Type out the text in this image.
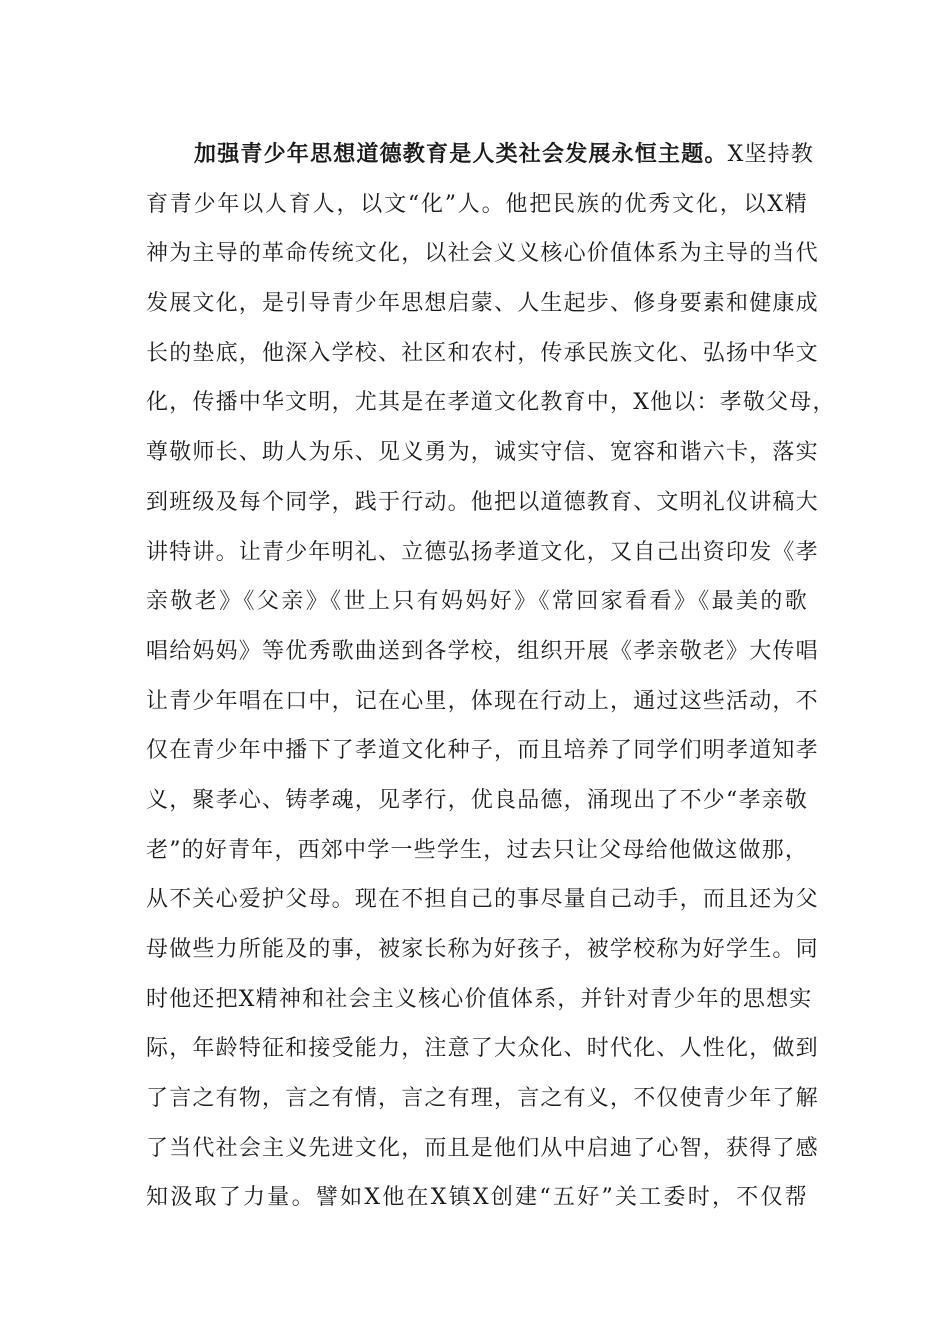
加强青少年思想道德教育是人类社会发展永恒主题。X坚持教
育青少年以人育人，以文“化”人。他把民族的优秀文化，以X精
神为主导的革命传统文化，以社会义义核心价值体系为主导的当代
发展文化，是引导青少年思想启蒙、人生起步、修身要素和健康成
长的垫底，他深入学校、社区和农村，传承民族文化、弘扬中华文
化，传播中华文明，尤其是在孝道文化教育中，X他以：孝敬父母，
尊敬师长、助人为乐、见义勇为，诚实守信、宽容和谐六卡，落实
到班级及每个同学，践于行动。他把以道德教育、文明礼仪讲稿大
讲特讲。让青少年明礼、立德弘扬孝道文化，又自己出资印发《孝
亲敬老》《父亲》《世上只有妈妈好》《常回家看看》《最美的歌
唱给妈妈》等优秀歌曲送到各学校，组织开展《孝亲敬老》大传唱
让青少年唱在口中，记在心里，体现在行动上，通过这些活动，不
仅在青少年中播下了孝道文化种子，而且培养了同学们明孝道知孝
义，聚孝心、铸孝魂，见孝行，优良品德，涌现出了不少“孝亲敬
老”的好青年，西郊中学一些学生，过去只让父母给他做这做那，
从不关心爱护父母。现在不担自己的事尽量自己动手，而且还为父
母做些力所能及的事，被家长称为好孩子，被学校称为好学生。同
时他还把X精神和社会主义核心价值体系，并针对青少年的思想实
际，年龄特征和接受能力，注意了大众化、时代化、人性化，做到
了言之有物，言之有情，言之有理，言之有义，不仅使青少年了解
了当代社会主义先进文化，而且是他们从中启迪了心智，获得了感
知汲取了力量。譬如X他在X镇X创建“五好”关工委时，不仅帮
